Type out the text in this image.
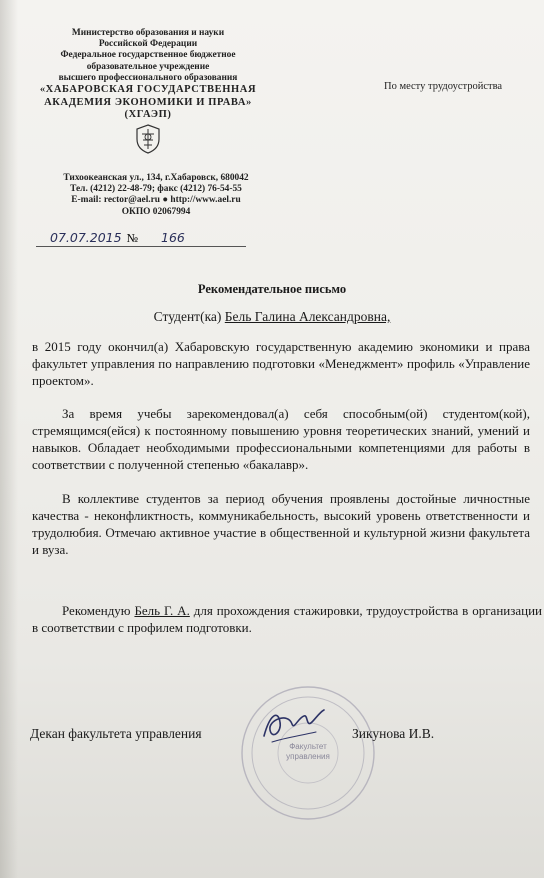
Министерство образования и науки
Российской Федерации
Федеральное государственное бюджетное
образовательное учреждение
высшего профессионального образования
«ХАБАРОВСКАЯ ГОСУДАРСТВЕННАЯ
АКАДЕМИЯ ЭКОНОМИКИ И ПРАВА»
(ХГАЭП)
Тихоокеанская ул., 134, г.Хабаровск, 680042
Тел. (4212) 22-48-79; факс (4212) 76-54-55
E-mail: rector@ael.ru ● http://www.ael.ru
ОКПО 02067994
По месту трудоустройства
07.07.2015 № 166
Рекомендательное письмо
Студент(ка) Бель Галина Александровна,
в 2015 году окончил(а) Хабаровскую государственную академию экономики и права факультет управления по направлению подготовки «Менеджмент» профиль «Управление проектом».
За время учебы зарекомендовал(а) себя способным(ой) студентом(кой), стремящимся(ейся) к постоянному повышению уровня теоретических знаний, умений и навыков. Обладает необходимыми профессиональными компетенциями для работы в соответствии с полученной степенью «бакалавр».
В коллективе студентов за период обучения проявлены достойные личностные качества - неконфликтность, коммуникабельность, высокий уровень ответственности и трудолюбия. Отмечаю активное участие в общественной и культурной жизни факультета и вуза.
Рекомендую Бель Г. А. для прохождения стажировки, трудоустройства в организации в соответствии с профилем подготовки.
Факультет
управления
Декан факультета управления	Зикунова И.В.
